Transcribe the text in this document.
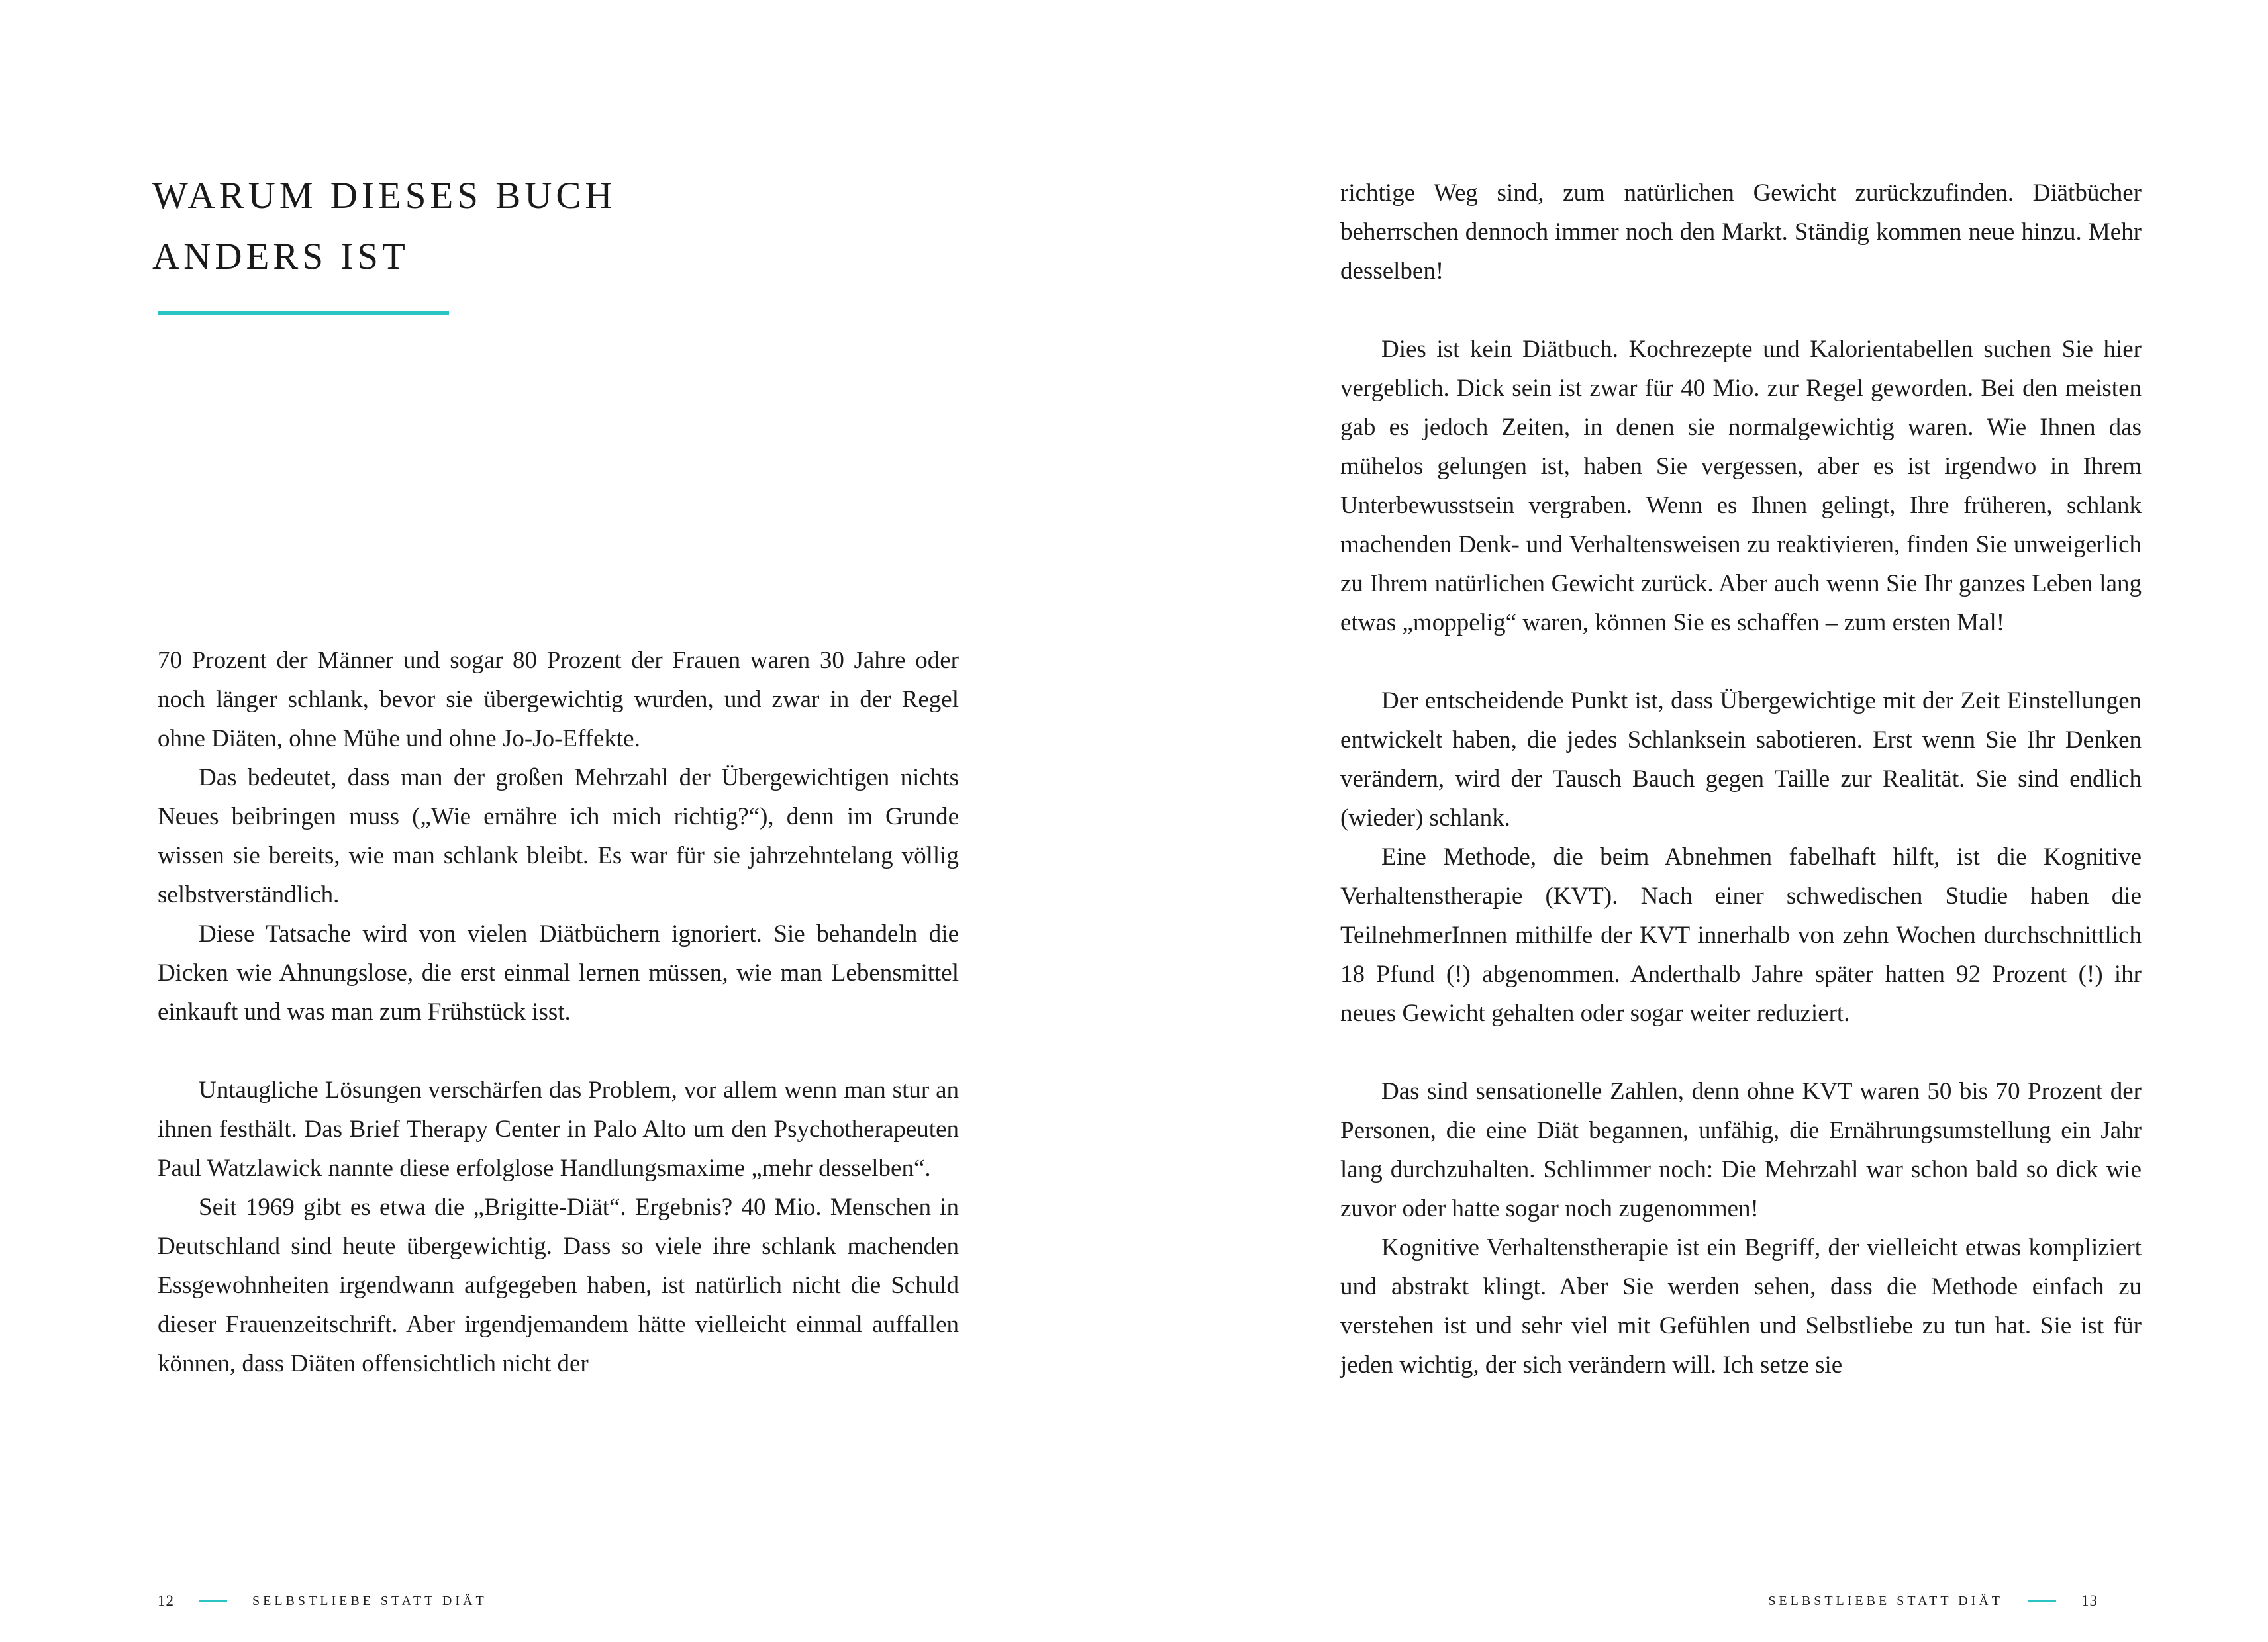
WARUM DIESES BUCH
ANDERS IST

70 Prozent der Männer und sogar 80 Prozent der Frauen waren 30 Jahre oder noch länger schlank, bevor sie übergewichtig wurden, und zwar in der Regel ohne Diäten, ohne Mühe und ohne Jo-Jo-Effekte.

Das bedeutet, dass man der großen Mehrzahl der Übergewichtigen nichts Neues beibringen muss („Wie ernähre ich mich richtig?“), denn im Grunde wissen sie bereits, wie man schlank bleibt. Es war für sie jahrzehntelang völlig selbstverständlich.

Diese Tatsache wird von vielen Diätbüchern ignoriert. Sie behandeln die Dicken wie Ahnungslose, die erst einmal lernen müssen, wie man Lebensmittel einkauft und was man zum Frühstück isst.

Untaugliche Lösungen verschärfen das Problem, vor allem wenn man stur an ihnen festhält. Das Brief Therapy Center in Palo Alto um den Psychotherapeuten Paul Watzlawick nannte diese erfolglose Handlungsmaxime „mehr desselben“.

Seit 1969 gibt es etwa die „Brigitte-Diät“. Ergebnis? 40 Mio. Menschen in Deutschland sind heute übergewichtig. Dass so viele ihre schlank machenden Essgewohnheiten irgendwann aufgegeben haben, ist natürlich nicht die Schuld dieser Frauenzeitschrift. Aber irgendjemandem hätte vielleicht einmal auffallen können, dass Diäten offensichtlich nicht der

12	SELBSTLIEBE STATT DIÄT

richtige Weg sind, zum natürlichen Gewicht zurückzufinden. Diätbücher beherrschen dennoch immer noch den Markt. Ständig kommen neue hinzu. Mehr desselben!

Dies ist kein Diätbuch. Kochrezepte und Kalorientabellen suchen Sie hier vergeblich. Dick sein ist zwar für 40 Mio. zur Regel geworden. Bei den meisten gab es jedoch Zeiten, in denen sie normalgewichtig waren. Wie Ihnen das mühelos gelungen ist, haben Sie vergessen, aber es ist irgendwo in Ihrem Unterbewusstsein vergraben. Wenn es Ihnen gelingt, Ihre früheren, schlank machenden Denk- und Verhaltensweisen zu reaktivieren, finden Sie unweigerlich zu Ihrem natürlichen Gewicht zurück. Aber auch wenn Sie Ihr ganzes Leben lang etwas „moppelig“ waren, können Sie es schaffen – zum ersten Mal!

Der entscheidende Punkt ist, dass Übergewichtige mit der Zeit Einstellungen entwickelt haben, die jedes Schlanksein sabotieren. Erst wenn Sie Ihr Denken verändern, wird der Tausch Bauch gegen Taille zur Realität. Sie sind endlich (wieder) schlank.

Eine Methode, die beim Abnehmen fabelhaft hilft, ist die Kognitive Verhaltenstherapie (KVT). Nach einer schwedischen Studie haben die TeilnehmerInnen mithilfe der KVT innerhalb von zehn Wochen durchschnittlich 18 Pfund (!) abgenommen. Anderthalb Jahre später hatten 92 Prozent (!) ihr neues Gewicht gehalten oder sogar weiter reduziert.

Das sind sensationelle Zahlen, denn ohne KVT waren 50 bis 70 Prozent der Personen, die eine Diät begannen, unfähig, die Ernährungsumstellung ein Jahr lang durchzuhalten. Schlimmer noch: Die Mehrzahl war schon bald so dick wie zuvor oder hatte sogar noch zugenommen!

Kognitive Verhaltenstherapie ist ein Begriff, der vielleicht etwas kompliziert und abstrakt klingt. Aber Sie werden sehen, dass die Methode einfach zu verstehen ist und sehr viel mit Gefühlen und Selbstliebe zu tun hat. Sie ist für jeden wichtig, der sich verändern will. Ich setze sie

SELBSTLIEBE STATT DIÄT	13
